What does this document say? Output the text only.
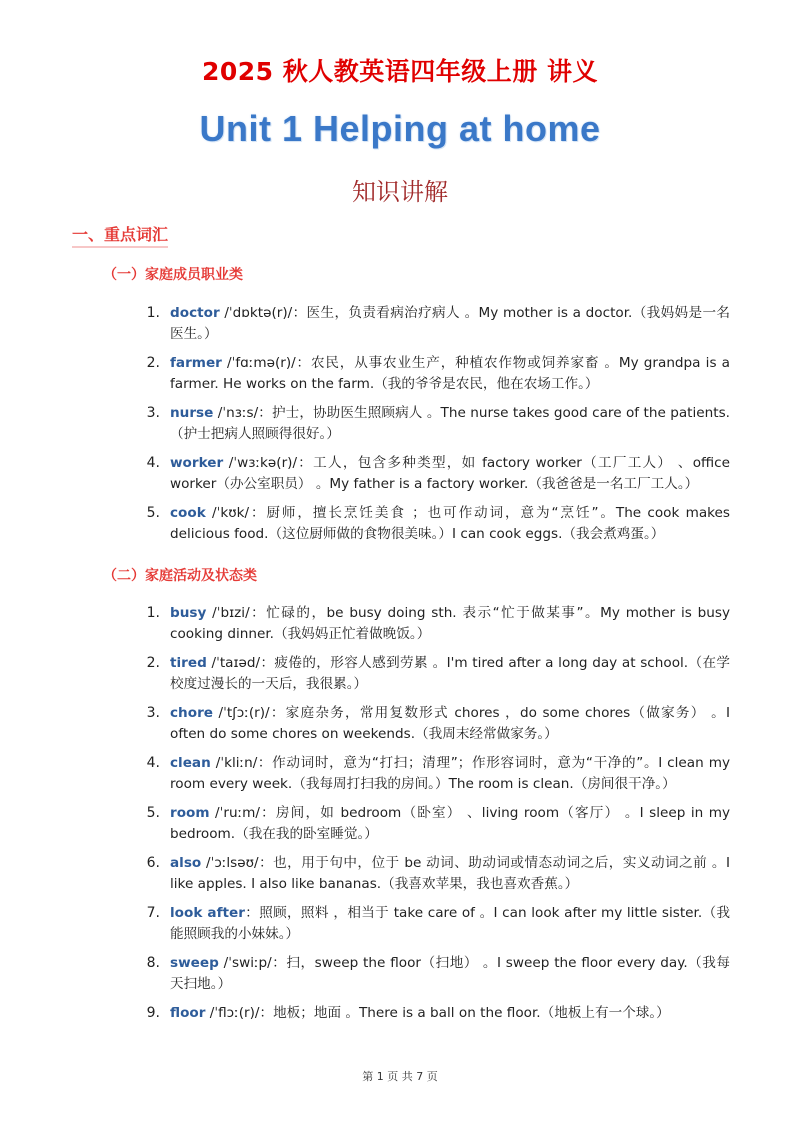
2025 秋人教英语四年级上册 讲义
Unit 1 Helping at home
知识讲解
一、重点词汇
（一）家庭成员职业类
1. doctor /ˈdɒktə(r)/：医生，负责看病治疗病人 。My mother is a doctor.（我妈妈是一名医生。）
2. farmer /ˈfɑːmə(r)/：农民，从事农业生产，种植农作物或饲养家畜 。My grandpa is a farmer. He works on the farm.（我的爷爷是农民，他在农场工作。）
3. nurse /ˈnɜːs/：护士，协助医生照顾病人 。The nurse takes good care of the patients.（护士把病人照顾得很好。）
4. worker /ˈwɜːkə(r)/：工人，包含多种类型，如 factory worker（工厂工人） 、office worker（办公室职员） 。My father is a factory worker.（我爸爸是一名工厂工人。）
5. cook /ˈkʊk/：厨师，擅长烹饪美食 ；也可作动词，意为“烹饪”。The cook makes delicious food.（这位厨师做的食物很美味。）I can cook eggs.（我会煮鸡蛋。）
（二）家庭活动及状态类
1. busy /ˈbɪzi/：忙碌的，be busy doing sth. 表示“忙于做某事”。My mother is busy cooking dinner.（我妈妈正忙着做晚饭。）
2. tired /ˈtaɪəd/：疲倦的，形容人感到劳累 。I'm tired after a long day at school.（在学校度过漫长的一天后，我很累。）
3. chore /ˈtʃɔː(r)/：家庭杂务，常用复数形式 chores ，do some chores（做家务） 。I often do some chores on weekends.（我周末经常做家务。）
4. clean /ˈkliːn/：作动词时，意为“打扫；清理”；作形容词时，意为“干净的”。I clean my room every week.（我每周打扫我的房间。）The room is clean.（房间很干净。）
5. room /ˈruːm/：房间，如 bedroom（卧室） 、living room（客厅） 。I sleep in my bedroom.（我在我的卧室睡觉。）
6. also /ˈɔːlsəʊ/：也，用于句中，位于 be 动词、助动词或情态动词之后，实义动词之前 。I like apples. I also like bananas.（我喜欢苹果，我也喜欢香蕉。）
7. look after：照顾，照料 ，相当于 take care of 。I can look after my little sister.（我能照顾我的小妹妹。）
8. sweep /ˈswiːp/：扫，sweep the floor（扫地） 。I sweep the floor every day.（我每天扫地。）
9. floor /ˈflɔː(r)/：地板；地面 。There is a ball on the floor.（地板上有一个球。）
第 1 页 共 7 页
